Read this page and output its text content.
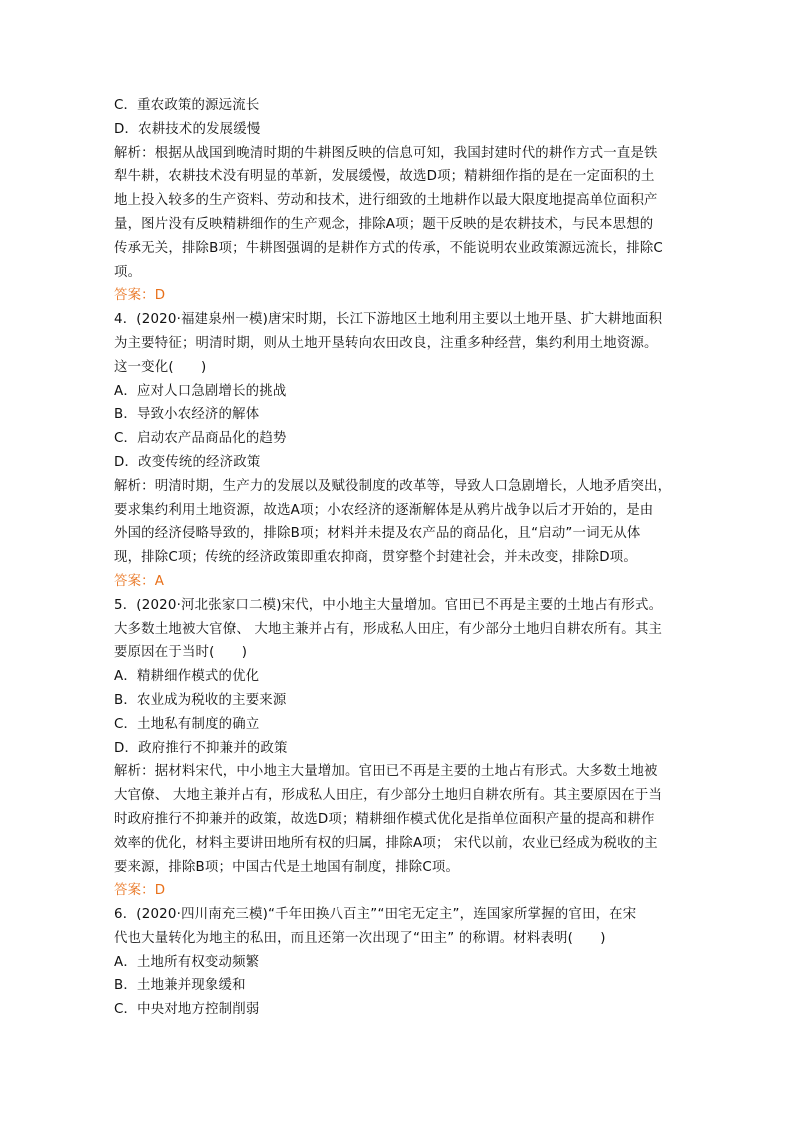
C．重农政策的源远流长
D．农耕技术的发展缓慢
解析：根据从战国到晚清时期的牛耕图反映的信息可知，我国封建时代的耕作方式一直是铁
犁牛耕，农耕技术没有明显的革新，发展缓慢，故选D项；精耕细作指的是在一定面积的土
地上投入较多的生产资料、劳动和技术，进行细致的土地耕作以最大限度地提高单位面积产
量，图片没有反映精耕细作的生产观念，排除A项；题干反映的是农耕技术，与民本思想的
传承无关，排除B项；牛耕图强调的是耕作方式的传承，不能说明农业政策源远流长，排除C
项。
答案：D
4．(2020·福建泉州一模)唐宋时期，长江下游地区土地利用主要以土地开垦、扩大耕地面积
为主要特征；明清时期，则从土地开垦转向农田改良，注重多种经营，集约利用土地资源。
这一变化(　　)
A．应对人口急剧增长的挑战
B．导致小农经济的解体
C．启动农产品商品化的趋势
D．改变传统的经济政策
解析：明清时期，生产力的发展以及赋役制度的改革等，导致人口急剧增长，人地矛盾突出，
要求集约利用土地资源，故选A项；小农经济的逐渐解体是从鸦片战争以后才开始的，是由
外国的经济侵略导致的，排除B项；材料并未提及农产品的商品化，且“启动”一词无从体
现，排除C项；传统的经济政策即重农抑商，贯穿整个封建社会，并未改变，排除D项。
答案：A
5．(2020·河北张家口二模)宋代，中小地主大量增加。官田已不再是主要的土地占有形式。
大多数土地被大官僚、 大地主兼并占有，形成私人田庄，有少部分土地归自耕农所有。其主
要原因在于当时(　　)
A．精耕细作模式的优化
B．农业成为税收的主要来源
C．土地私有制度的确立
D．政府推行不抑兼并的政策
解析：据材料宋代，中小地主大量增加。官田已不再是主要的土地占有形式。大多数土地被
大官僚、 大地主兼并占有，形成私人田庄，有少部分土地归自耕农所有。其主要原因在于当
时政府推行不抑兼并的政策，故选D项；精耕细作模式优化是指单位面积产量的提高和耕作
效率的优化，材料主要讲田地所有权的归属，排除A项； 宋代以前，农业已经成为税收的主
要来源，排除B项；中国古代是土地国有制度，排除C项。
答案：D
6．(2020·四川南充三模)“千年田换八百主”“田宅无定主”，连国家所掌握的官田，在宋
代也大量转化为地主的私田，而且还第一次出现了“田主” 的称谓。材料表明(　　)
A．土地所有权变动频繁
B．土地兼并现象缓和
C．中央对地方控制削弱
